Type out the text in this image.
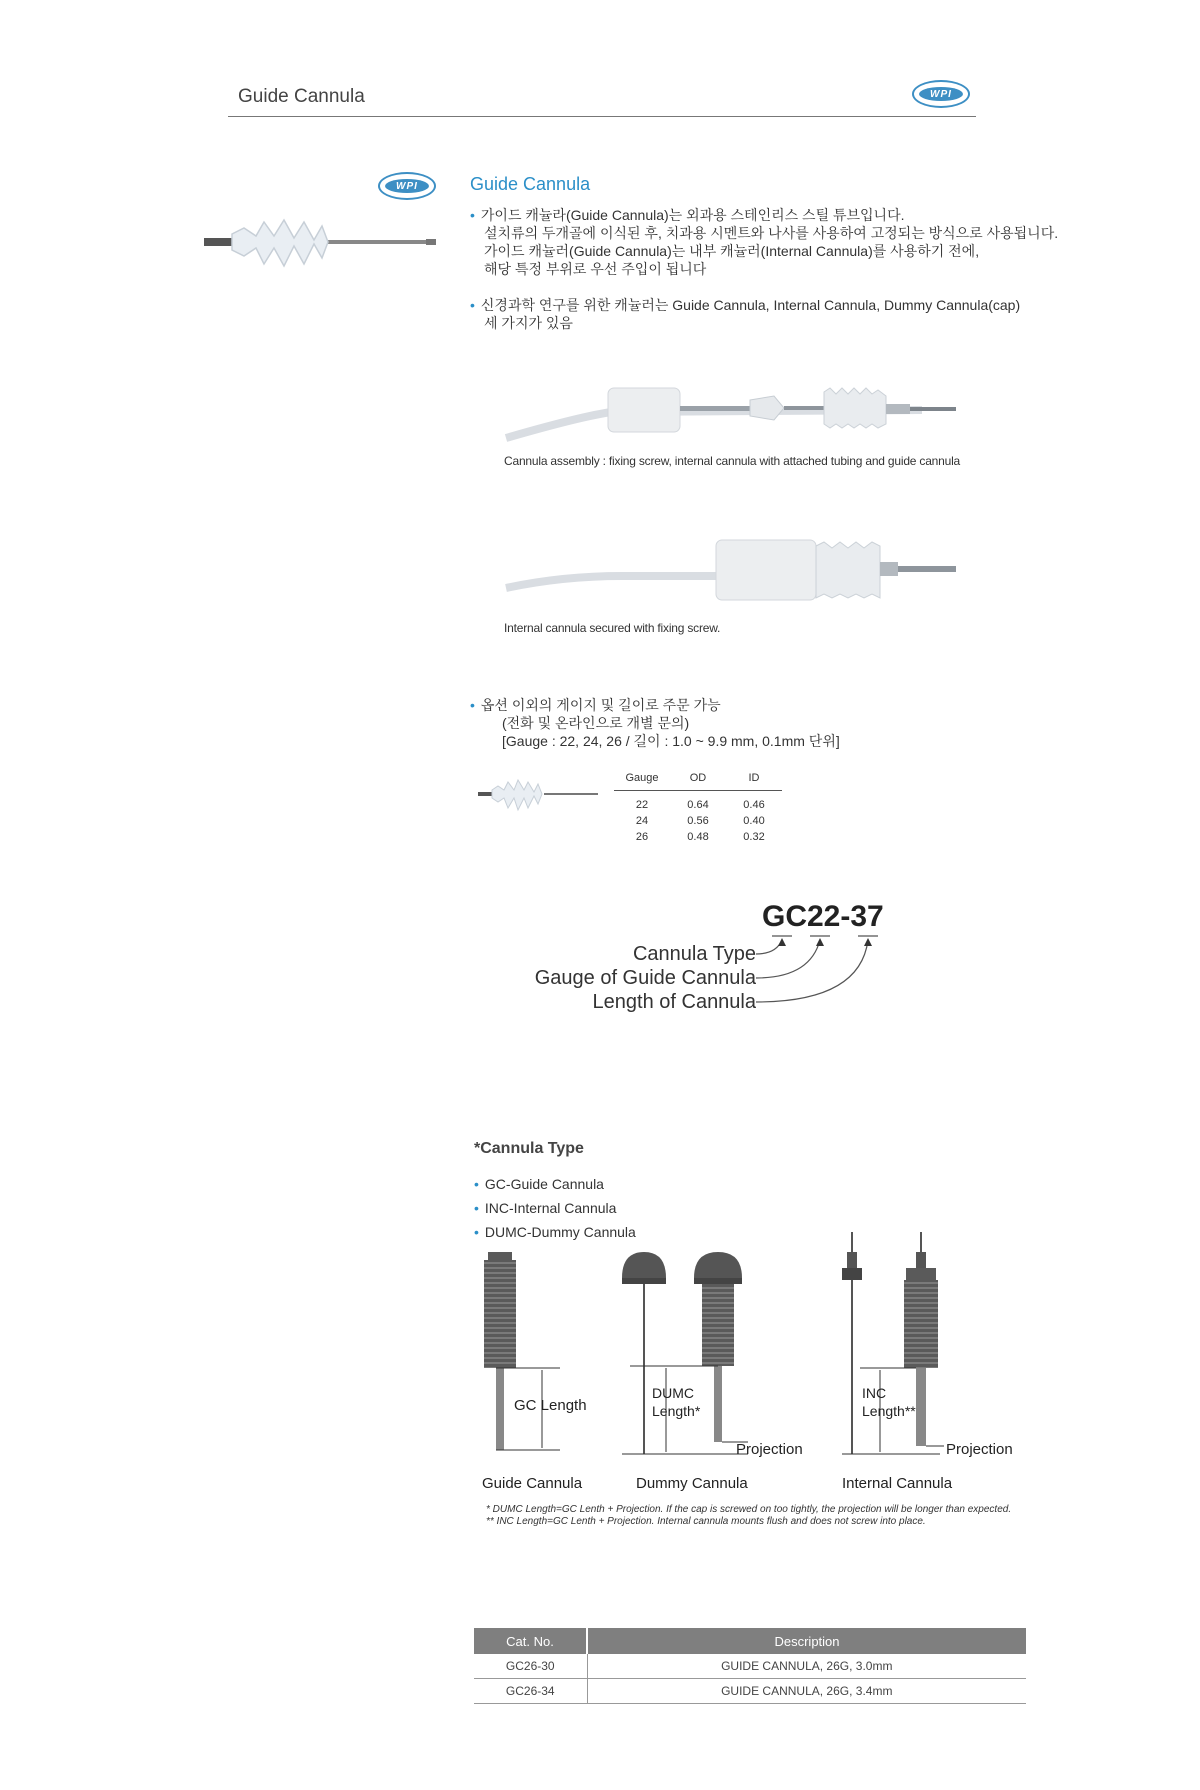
Guide Cannula	WPI
WPI	Guide Cannula
• 가이드 캐뉼라(Guide Cannula)는 외과용 스테인리스 스틸 튜브입니다.
설치류의 두개골에 이식된 후, 치과용 시멘트와 나사를 사용하여 고정되는 방식으로 사용됩니다.
가이드 캐뉼러(Guide Cannula)는 내부 캐뉼러(Internal Cannula)를 사용하기 전에,
해당 특정 부위로 우선 주입이 됩니다
• 신경과학 연구를 위한 캐뉼러는 Guide Cannula, Internal Cannula, Dummy Cannula(cap)
세 가지가 있음
Cannula assembly : fixing screw, internal cannula with attached tubing and guide cannula
Internal cannula secured with fixing screw.
• 옵션 이외의 게이지 및 길이로 주문 가능
(전화 및 온라인으로 개별 문의)
[Gauge : 22, 24, 26 / 길이 : 1.0 ~ 9.9 mm, 0.1mm 단위]
Gauge	OD	ID
22	0.64	0.46
24	0.56	0.40
26	0.48	0.32
GC22-37
Cannula Type
Gauge of Guide Cannula
Length of Cannula
*Cannula Type
• GC-Guide Cannula
• INC-Internal Cannula
• DUMC-Dummy Cannula
GC Length
Guide Cannula
DUMC
Length*
Projection
Dummy Cannula
INC
Length**
Projection
Internal Cannula
* DUMC Length=GC Lenth + Projection. If the cap is screwed on too tightly, the projection will be longer than expected.
** INC Length=GC Lenth + Projection. Internal cannula mounts flush and does not screw into place.
Cat. No.	Description
GC26-30	GUIDE CANNULA, 26G, 3.0mm
GC26-34	GUIDE CANNULA, 26G, 3.4mm
